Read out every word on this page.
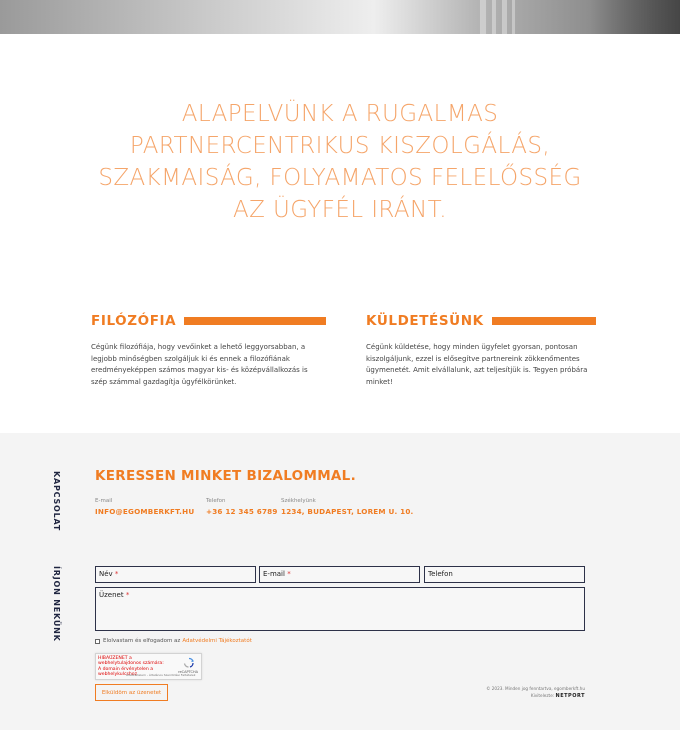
ALAPELVÜNK A RUGALMAS PARTNERCENTRIKUS KISZOLGÁLÁS, SZAKMAISÁG, FOLYAMATOS FELELŐSSÉG AZ ÜGYFÉL IRÁNT.
FILÓZÓFIA
Cégünk filozófiája, hogy vevőinket a lehető leggyorsabban, a legjobb minőségben szolgáljuk ki és ennek a filozófiának eredményeképpen számos magyar kis- és középvállalkozás is szép számmal gazdagítja ügyfélkörünket.
KÜLDETÉSÜNK
Cégünk küldetése, hogy minden ügyfelet gyorsan, pontosan kiszolgáljunk, ezzel is elősegítve partnereink zökkenőmentes ügymenetét. Amit elvállalunk, azt teljesítjük is. Tegyen próbára minket!
KAPCSOLAT
ÍRJON NEKÜNK
KERESSEN MINKET BIZALOMMAL.
E-mail
INFO@EGOMBERKFT.HU
Telefon
+36 12 345 6789
Székhelyünk
1234, BUDAPEST, LOREM U. 10.
Név *	E-mail *	Telefon
Üzenet *
Elolvastam és elfogadom az Adatvédelmi Tájékoztatót
HIBAÜZENET a webhelytulajdonos számára: A domain érvénytelen a webhelykulcshoz
reCAPTCHA
Adatvédelem - Általános Szerződési Feltételek
Elküldöm az üzenetet
© 2023. Minden jog fenntartva, egomberkft.hu
Kivitelezte: NETPORT
